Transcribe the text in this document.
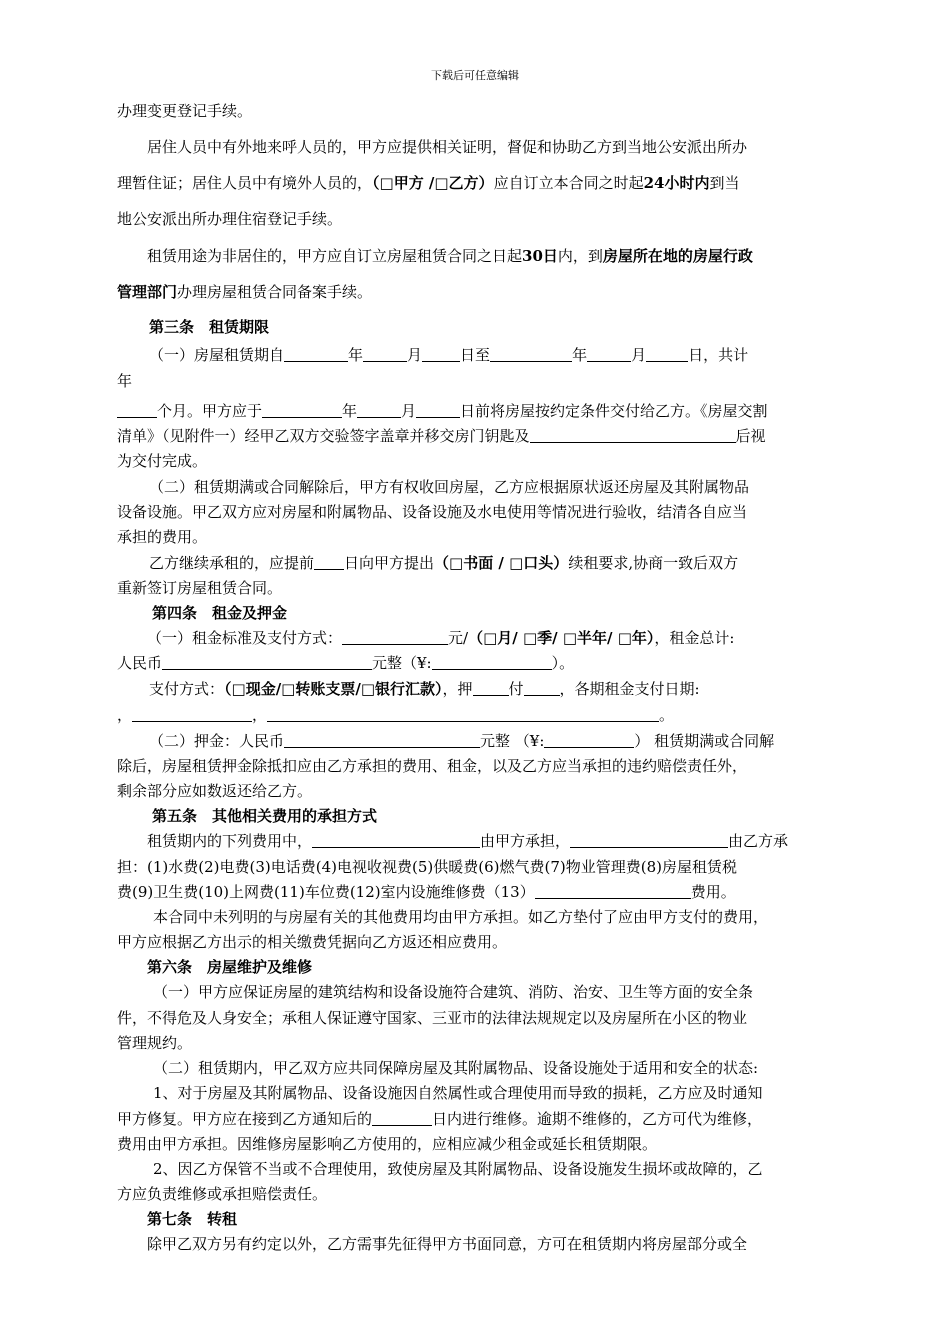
下载后可任意编辑
办理变更登记手续。
居住人员中有外地来呼人员的，甲方应提供相关证明，督促和协助乙方到当地公安派出所办
理暂住证；居住人员中有境外人员的，（□甲方 /□乙方）应自订立本合同之时起24小时内到当
地公安派出所办理住宿登记手续。
租赁用途为非居住的，甲方应自订立房屋租赁合同之日起30日内，到房屋所在地的房屋行政
管理部门办理房屋租赁合同备案手续。
第三条　租赁期限
（一）房屋租赁期自	年	月	日至	年	月	日，共计
年
个月。甲方应于	年	月	日前将房屋按约定条件交付给乙方。《房屋交割
清单》（见附件一）经甲乙双方交验签字盖章并移交房门钥匙及	后视
为交付完成。
（二）租赁期满或合同解除后，甲方有权收回房屋，乙方应根据原状返还房屋及其附属物品
设备设施。甲乙双方应对房屋和附属物品、设备设施及水电使用等情况进行验收，结清各自应当
承担的费用。
乙方继续承租的，应提前 日向甲方提出（□书面 / □口头）续租要求,协商一致后双方
重新签订房屋租赁合同。
第四条　租金及押金
（一）租金标准及支付方式：	元/（□月/ □季/ □半年/ □年），租金总计:
人民币	元整（¥:	）。
支付方式：（□现金/□转账支票/□银行汇款），押 付 ，各期租金支付日期:
，	，	。
（二）押金：人民币	元整 （¥:	） 租赁期满或合同解
除后，房屋租赁押金除抵扣应由乙方承担的费用、租金，以及乙方应当承担的违约赔偿责任外，
剩余部分应如数返还给乙方。
第五条　其他相关费用的承担方式
租赁期内的下列费用中，	由甲方承担，	由乙方承
担：(1)水费(2)电费(3)电话费(4)电视收视费(5)供暖费(6)燃气费(7)物业管理费(8)房屋租赁税
费(9)卫生费(10)上网费(11)车位费(12)室内设施维修费（13）	费用。
本合同中未列明的与房屋有关的其他费用均由甲方承担。如乙方垫付了应由甲方支付的费用，
甲方应根据乙方出示的相关缴费凭据向乙方返还相应费用。
第六条　房屋维护及维修
（一）甲方应保证房屋的建筑结构和设备设施符合建筑、消防、治安、卫生等方面的安全条
件，不得危及人身安全；承租人保证遵守国家、三亚市的法律法规规定以及房屋所在小区的物业
管理规约。
（二）租赁期内，甲乙双方应共同保障房屋及其附属物品、设备设施处于适用和安全的状态:
1、对于房屋及其附属物品、设备设施因自然属性或合理使用而导致的损耗，乙方应及时通知
甲方修复。甲方应在接到乙方通知后的	日内进行维修。逾期不维修的，乙方可代为维修，
费用由甲方承担。因维修房屋影响乙方使用的，应相应减少租金或延长租赁期限。
2、因乙方保管不当或不合理使用，致使房屋及其附属物品、设备设施发生损坏或故障的，乙
方应负责维修或承担赔偿责任。
第七条　转租
除甲乙双方另有约定以外，乙方需事先征得甲方书面同意，方可在租赁期内将房屋部分或全
